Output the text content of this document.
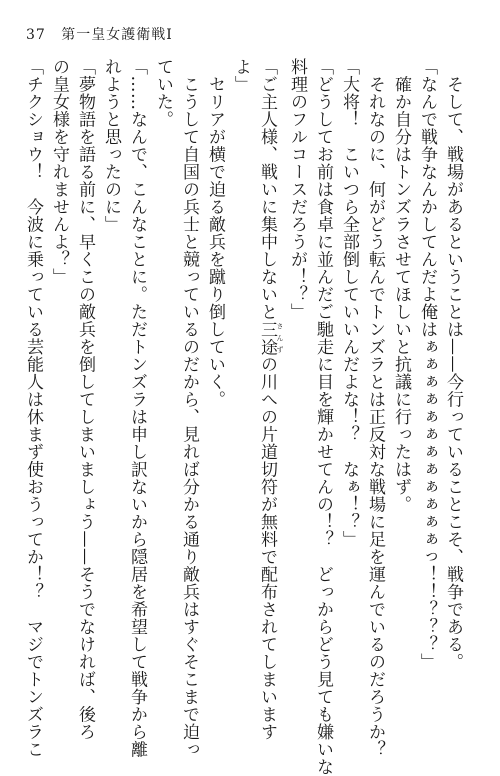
37 第一皇女護衛戦Ⅰ
　そして、戦場があるということは——今行っていることこそ、戦争である。
「なんで戦争なんかしてんだよ俺はぁぁぁぁぁぁぁぁぁぁぁぁっ！！？？？」
　確か自分はトンズラさせてほしいと抗議に行ったはず。
　それなのに、何がどう転んでトンズラとは正反対な戦場に足を運んでいるのだろうか？
「大将！　こいつら全部倒していいんだよな！？　なぁ！？」
「どうしてお前は食卓に並んだご馳走に目を輝かせてんの！？　どっからどう見ても嫌いな
料理のフルコースだろうが！？」
「ご主人様、戦いに集中しないと三途 さんずの川への片道切符が無料で配布されてしまいます
よ」
　セリアが横で迫る敵兵を蹴り倒していく。
　こうして自国の兵士と競っているのだから、見れば分かる通り敵兵はすぐそこまで迫っ
ていた。
「……なんで、こんなことに。ただトンズラは申し訳ないから隠居を希望して戦争から離
れようと思ったのに」
「夢物語を語る前に、早くこの敵兵を倒してしまいましょう——そうでなければ、後ろ
の皇女様を守れませんよ？」
「チクショウ！　今波に乗っている芸能人は休まず使おうってか！？　マジでトンズラこ
